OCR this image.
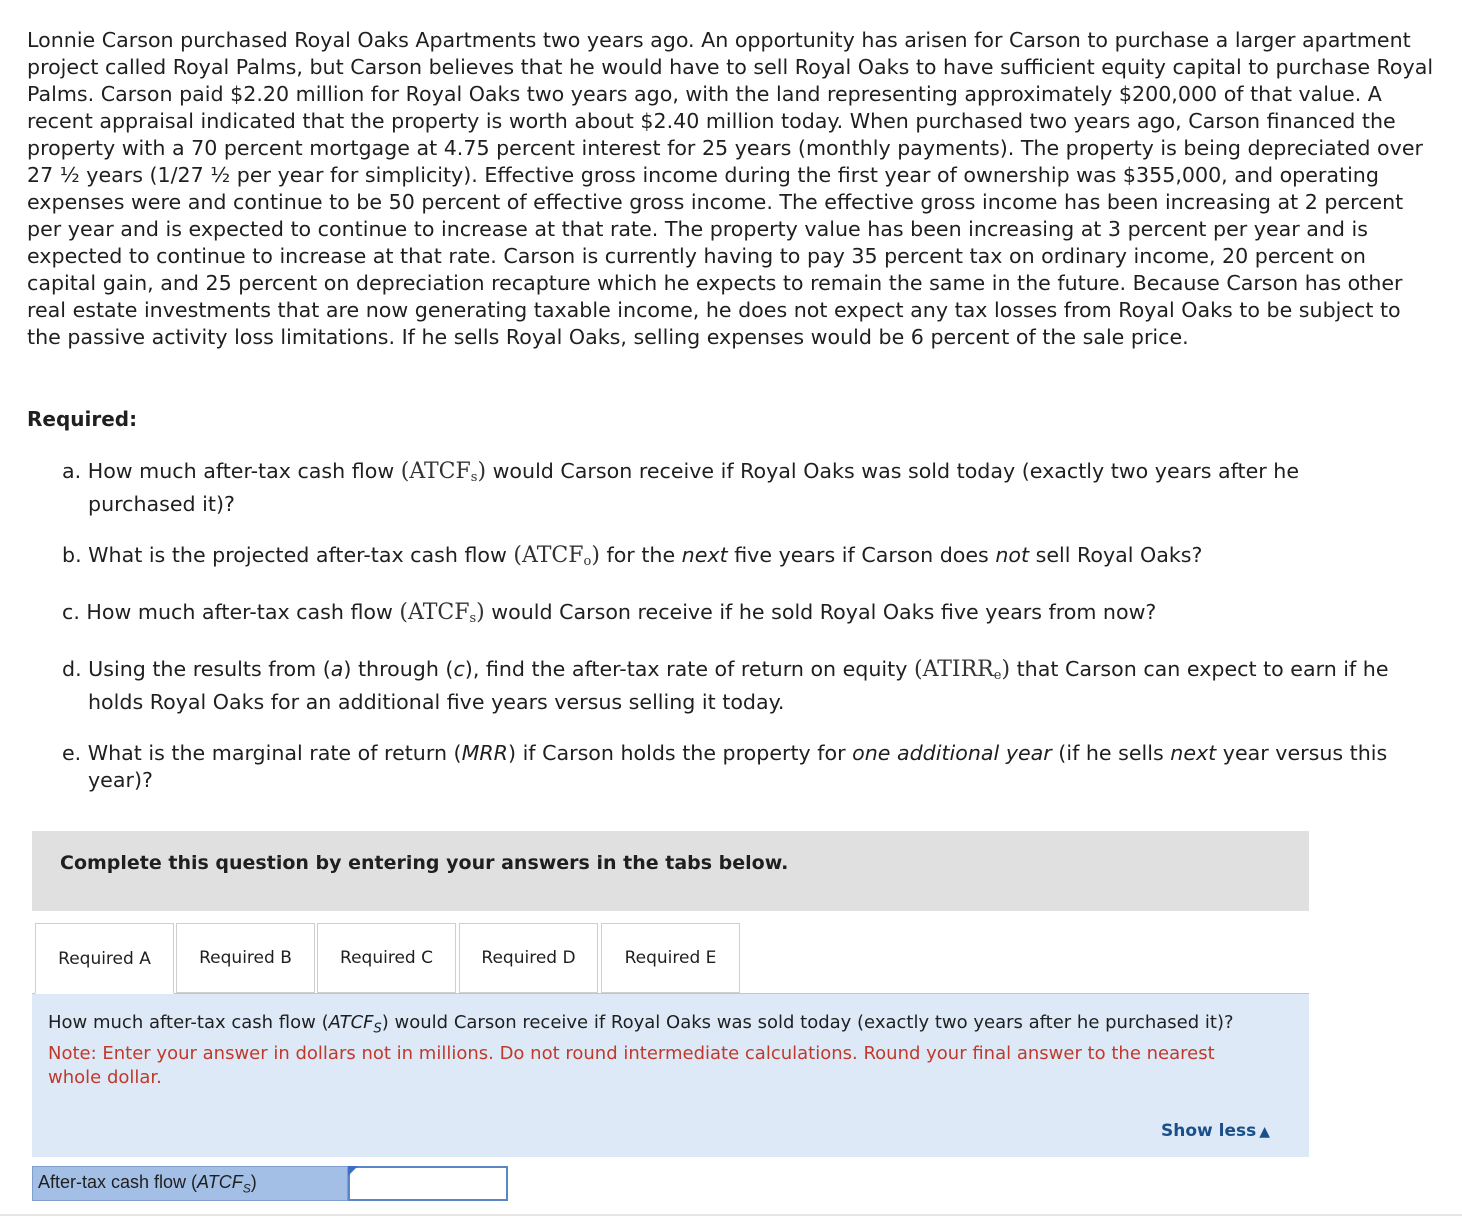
Lonnie Carson purchased Royal Oaks Apartments two years ago. An opportunity has arisen for Carson to purchase a larger apartment project called Royal Palms, but Carson believes that he would have to sell Royal Oaks to have sufficient equity capital to purchase Royal Palms. Carson paid $2.20 million for Royal Oaks two years ago, with the land representing approximately $200,000 of that value. A recent appraisal indicated that the property is worth about $2.40 million today. When purchased two years ago, Carson financed the property with a 70 percent mortgage at 4.75 percent interest for 25 years (monthly payments). The property is being depreciated over 27 ½ years (1/27 ½ per year for simplicity). Effective gross income during the first year of ownership was $355,000, and operating expenses were and continue to be 50 percent of effective gross income. The effective gross income has been increasing at 2 percent per year and is expected to continue to increase at that rate. The property value has been increasing at 3 percent per year and is expected to continue to increase at that rate. Carson is currently having to pay 35 percent tax on ordinary income, 20 percent on capital gain, and 25 percent on depreciation recapture which he expects to remain the same in the future. Because Carson has other real estate investments that are now generating taxable income, he does not expect any tax losses from Royal Oaks to be subject to the passive activity loss limitations. If he sells Royal Oaks, selling expenses would be 6 percent of the sale price.

Required:

a. How much after-tax cash flow $(ATCF_s)$ would Carson receive if Royal Oaks was sold today (exactly two years after he purchased it)?
b. What is the projected after-tax cash flow $(ATCF_o)$ for the next five years if Carson does not sell Royal Oaks?
c. How much after-tax cash flow $(ATCF_s)$ would Carson receive if he sold Royal Oaks five years from now?
d. Using the results from (a) through (c), find the after-tax rate of return on equity $(ATIRR_e)$ that Carson can expect to earn if he holds Royal Oaks for an additional five years versus selling it today.
e. What is the marginal rate of return (MRR) if Carson holds the property for one additional year (if he sells next year versus this year)?
Complete this question by entering your answers in the tabs below.
Required A	Required B	Required C	Required D	Required E

How much after-tax cash flow $(ATCF_S)$ would Carson receive if Royal Oaks was sold today (exactly two years after he purchased it)?

Note: Enter your answer in dollars not in millions. Do not round intermediate calculations. Round your final answer to the nearest whole dollar.

Show less ▲
After-tax cash flow $(ATCF_S)$
